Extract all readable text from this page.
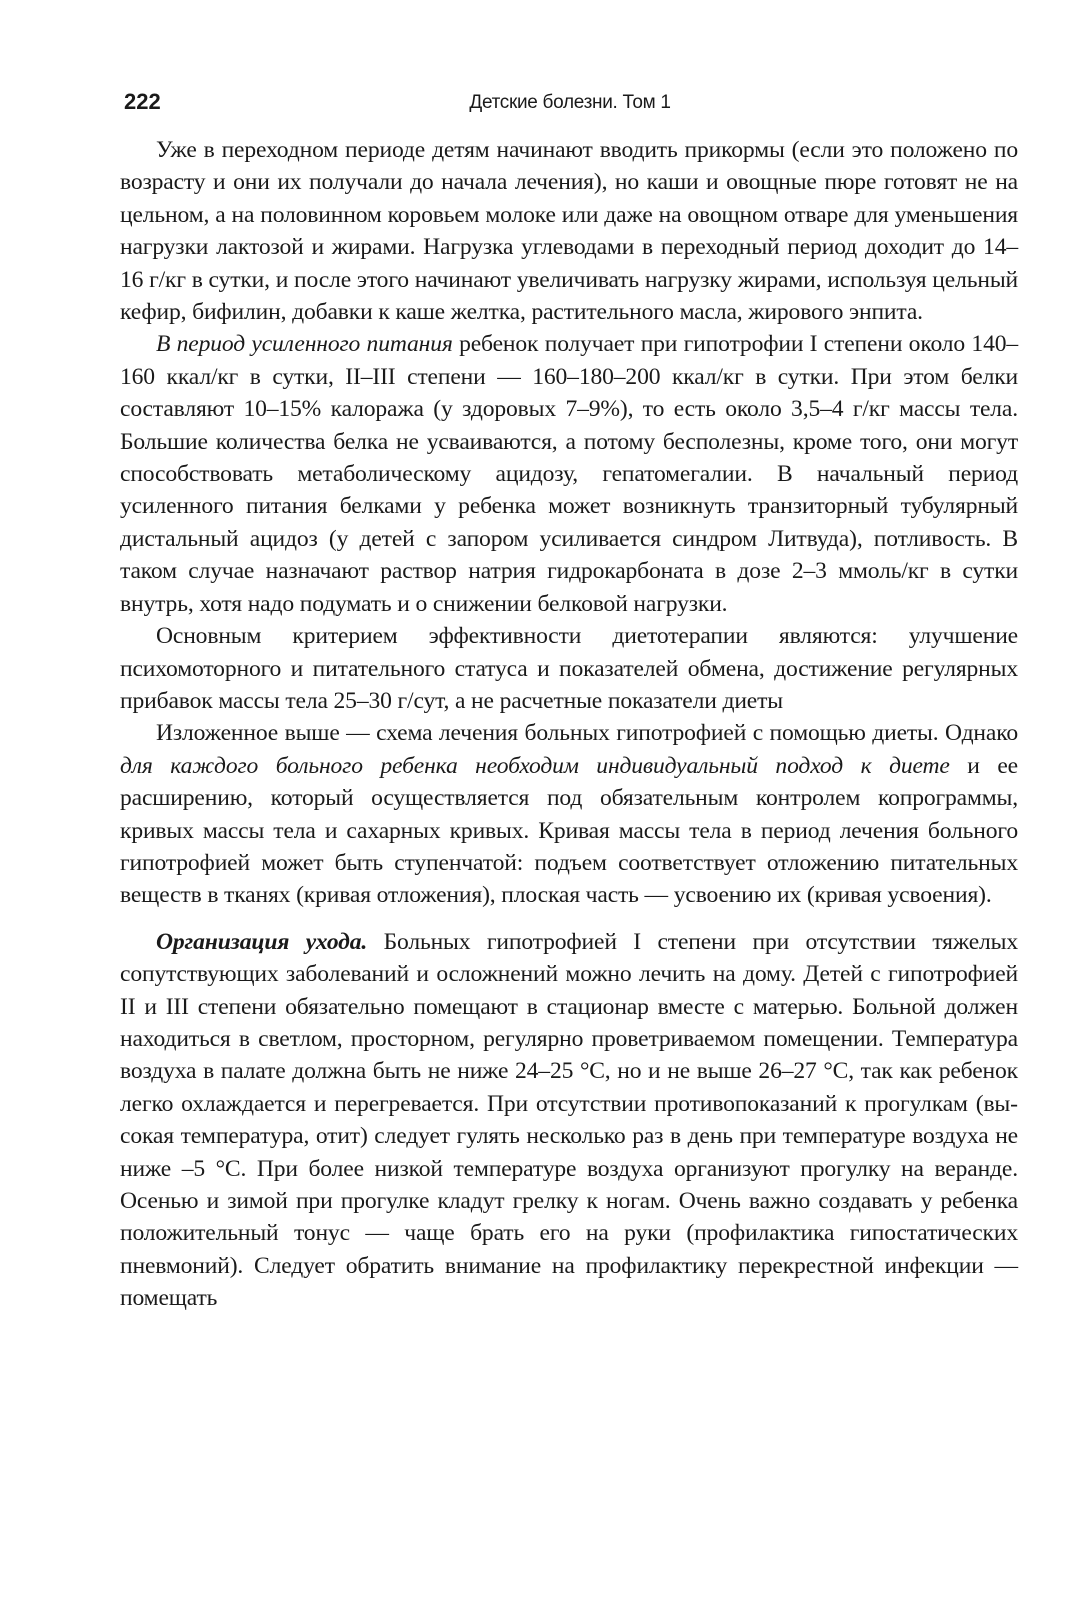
222	Детские болезни. Том 1

Уже в переходном периоде детям начинают вводить прикормы (если это положено по возрасту и они их получали до начала лечения), но каши и овощные пюре готовят не на цельном, а на половинном коровьем молоке или даже на овощном отваре для уменьшения нагрузки лактозой и жирами. Нагрузка углеводами в переходный период доходит до 14–16 г/кг в сутки, и после этого начинают увеличивать нагрузку жирами, используя цельный кефир, бифилин, добавки к каше желтка, растительного масла, жирового энпита.

В период усиленного питания ребенок получает при гипотрофии I степени около 140–160 ккал/кг в сутки, II–III степени — 160–180–200 ккал/кг в сутки. При этом белки составляют 10–15% калоража (у здоровых 7–9%), то есть около 3,5–4 г/кг массы тела. Большие количества белка не усваиваются, а потому бесполезны, кроме того, они могут способствовать метаболическому ацидозу, гепатомегалии. В начальный период усиленного питания белками у ребенка может возникнуть транзиторный тубулярный дистальный ацидоз (у детей с запором усиливается синдром Литвуда), потливость. В таком случае назначают раствор натрия гидрокарбоната в дозе 2–3 ммоль/кг в сутки внутрь, хотя надо подумать и о снижении белковой нагрузки.

Основным критерием эффективности диетотерапии являются: улучшение психомоторного и питательного статуса и показателей обмена, достижение регулярных прибавок массы тела 25–30 г/сут, а не расчетные показатели диеты

Изложенное выше — схема лечения больных гипотрофией с помощью диеты. Однако для каждого больного ребенка необходим индивидуальный подход к диете и ее расширению, который осуществляется под обязательным контролем копрограммы, кривых массы тела и сахарных кривых. Кривая массы тела в период лечения больного гипотрофией может быть ступенчатой: подъем соответствует отложению питательных веществ в тканях (кривая отложения), плоская часть — усвоению их (кривая усвоения).

Организация ухода. Больных гипотрофией I степени при отсутствии тяжелых сопутствующих заболеваний и осложнений можно лечить на дому. Детей с гипотрофией II и III степени обязательно помещают в стационар вместе с матерью. Больной должен находиться в светлом, просторном, регулярно проветриваемом помещении. Температура воздуха в палате должна быть не ниже 24–25 °С, но и не выше 26–27 °С, так как ребенок легко охлаждается и перегревается. При отсутствии противопоказаний к прогулкам (высокая температура, отит) следует гулять несколько раз в день при температуре воздуха не ниже –5 °С. При более низкой температуре воздуха организуют прогулку на веранде. Осенью и зимой при прогулке кладут грелку к ногам. Очень важно создавать у ребенка положительный тонус — чаще брать его на руки (профилактика гипостатических пневмоний). Следует обратить внимание на профилактику перекрестной инфекции — помещать
